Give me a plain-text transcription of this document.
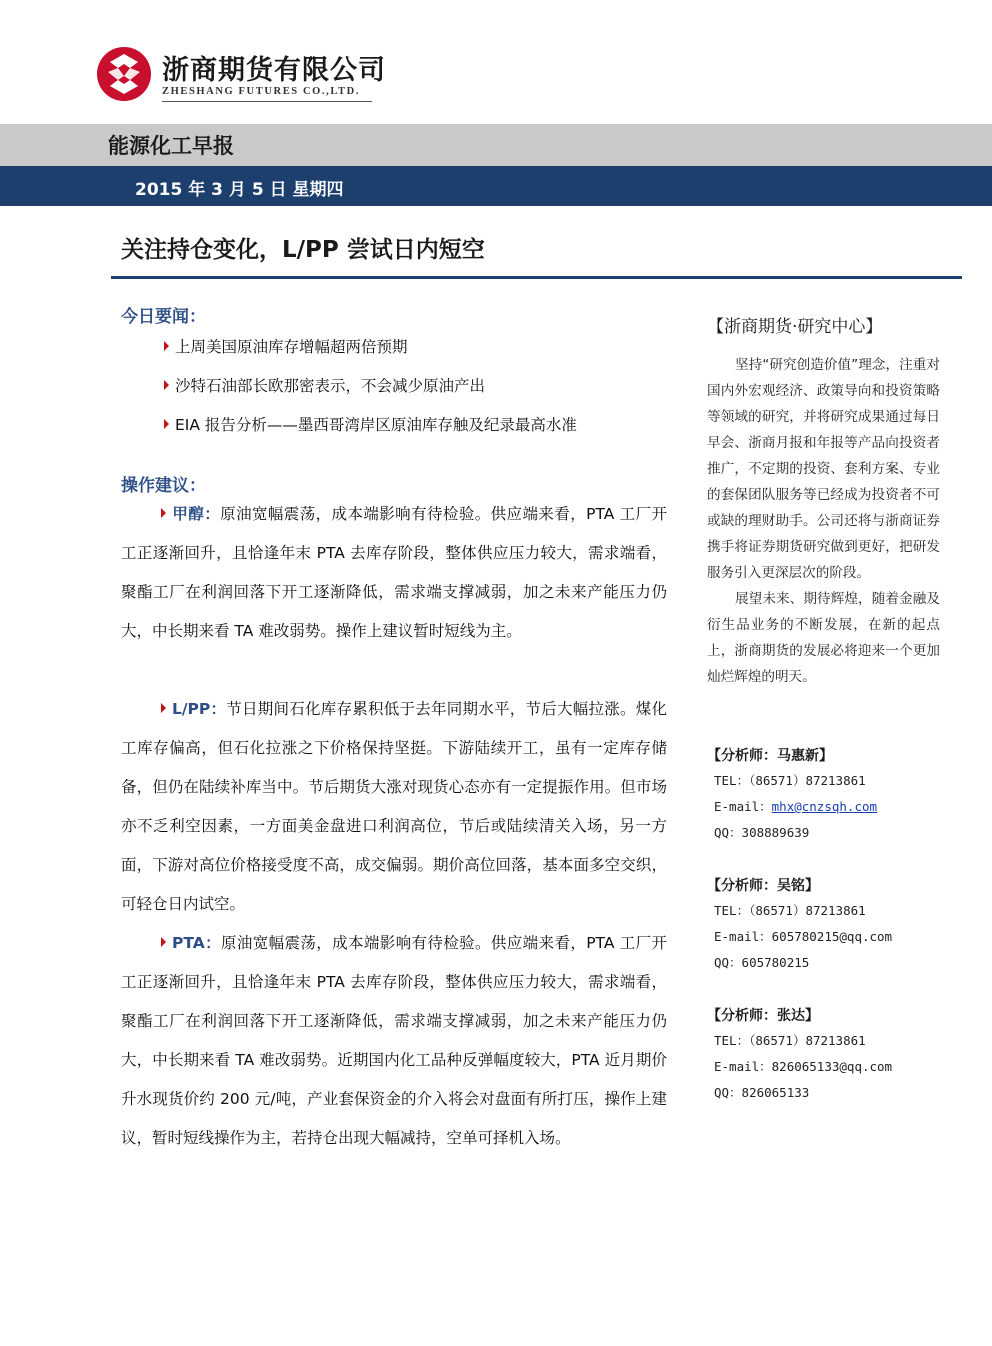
浙商期货有限公司
ZHESHANG FUTURES CO.,LTD.
能源化工早报
2015 年 3 月 5 日 星期四
关注持仓变化，L/PP 尝试日内短空
今日要闻：
上周美国原油库存增幅超两倍预期
沙特石油部长欧那密表示，不会减少原油产出
EIA 报告分析——墨西哥湾岸区原油库存触及纪录最高水准
操作建议：

甲醇：原油宽幅震荡，成本端影响有待检验。供应端来看，PTA 工厂开工正逐渐回升，且恰逢年末 PTA 去库存阶段，整体供应压力较大，需求端看，聚酯工厂在利润回落下开工逐渐降低，需求端支撑减弱，加之未来产能压力仍大，中长期来看 TA 难改弱势。操作上建议暂时短线为主。

L/PP：节日期间石化库存累积低于去年同期水平，节后大幅拉涨。煤化工库存偏高，但石化拉涨之下价格保持坚挺。下游陆续开工，虽有一定库存储备，但仍在陆续补库当中。节后期货大涨对现货心态亦有一定提振作用。但市场亦不乏利空因素，一方面美金盘进口利润高位，节后或陆续清关入场，另一方面，下游对高位价格接受度不高，成交偏弱。期价高位回落，基本面多空交织，可轻仓日内试空。

PTA：原油宽幅震荡，成本端影响有待检验。供应端来看，PTA 工厂开工正逐渐回升，且恰逢年末 PTA 去库存阶段，整体供应压力较大，需求端看，聚酯工厂在利润回落下开工逐渐降低，需求端支撑减弱，加之未来产能压力仍大，中长期来看 TA 难改弱势。近期国内化工品种反弹幅度较大，PTA 近月期价升水现货价约 200 元/吨，产业套保资金的介入将会对盘面有所打压，操作上建议，暂时短线操作为主，若持仓出现大幅减持，空单可择机入场。

【浙商期货·研究中心】

坚持“研究创造价值”理念，注重对国内外宏观经济、政策导向和投资策略等领域的研究，并将研究成果通过每日早会、浙商月报和年报等产品向投资者推广，不定期的投资、套利方案、专业的套保团队服务等已经成为投资者不可或缺的理财助手。公司还将与浙商证券携手将证券期货研究做到更好，把研发服务引入更深层次的阶段。

展望未来、期待辉煌，随着金融及衍生品业务的不断发展，在新的起点上，浙商期货的发展必将迎来一个更加灿烂辉煌的明天。

【分析师：马惠新】
TEL：（86571）87213861
E-mail：mhx@cnzsqh.com
QQ：308889639
【分析师：吴铭】
TEL：（86571）87213861
E-mail：605780215@qq.com
QQ：605780215
【分析师：张达】
TEL：（86571）87213861
E-mail：826065133@qq.com
QQ：826065133
